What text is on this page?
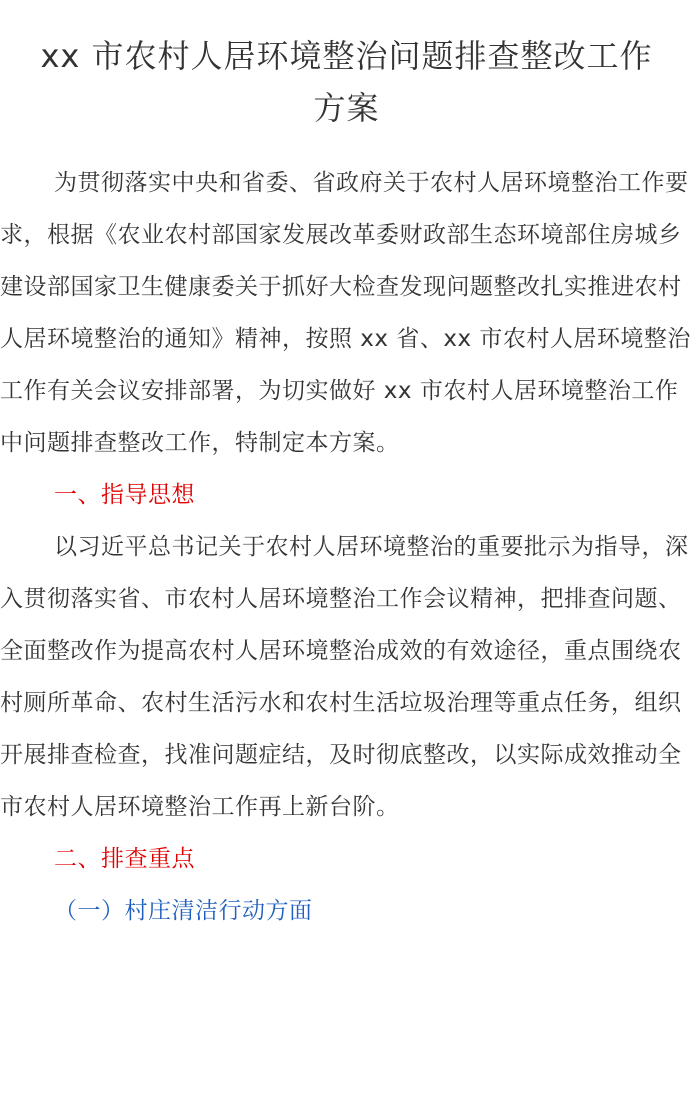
xx 市农村人居环境整治问题排查整改工作
方案

为贯彻落实中央和省委、省政府关于农村人居环境整治工作要求，根据《农业农村部国家发展改革委财政部生态环境部住房城乡建设部国家卫生健康委关于抓好大检查发现问题整改扎实推进农村人居环境整治的通知》精神，按照 xx 省、xx 市农村人居环境整治工作有关会议安排部署，为切实做好 xx 市农村人居环境整治工作中问题排查整改工作，特制定本方案。

一、指导思想

以习近平总书记关于农村人居环境整治的重要批示为指导，深入贯彻落实省、市农村人居环境整治工作会议精神，把排查问题、全面整改作为提高农村人居环境整治成效的有效途径，重点围绕农村厕所革命、农村生活污水和农村生活垃圾治理等重点任务，组织开展排查检查，找准问题症结，及时彻底整改，以实际成效推动全市农村人居环境整治工作再上新台阶。

二、排查重点

（一）村庄清洁行动方面
